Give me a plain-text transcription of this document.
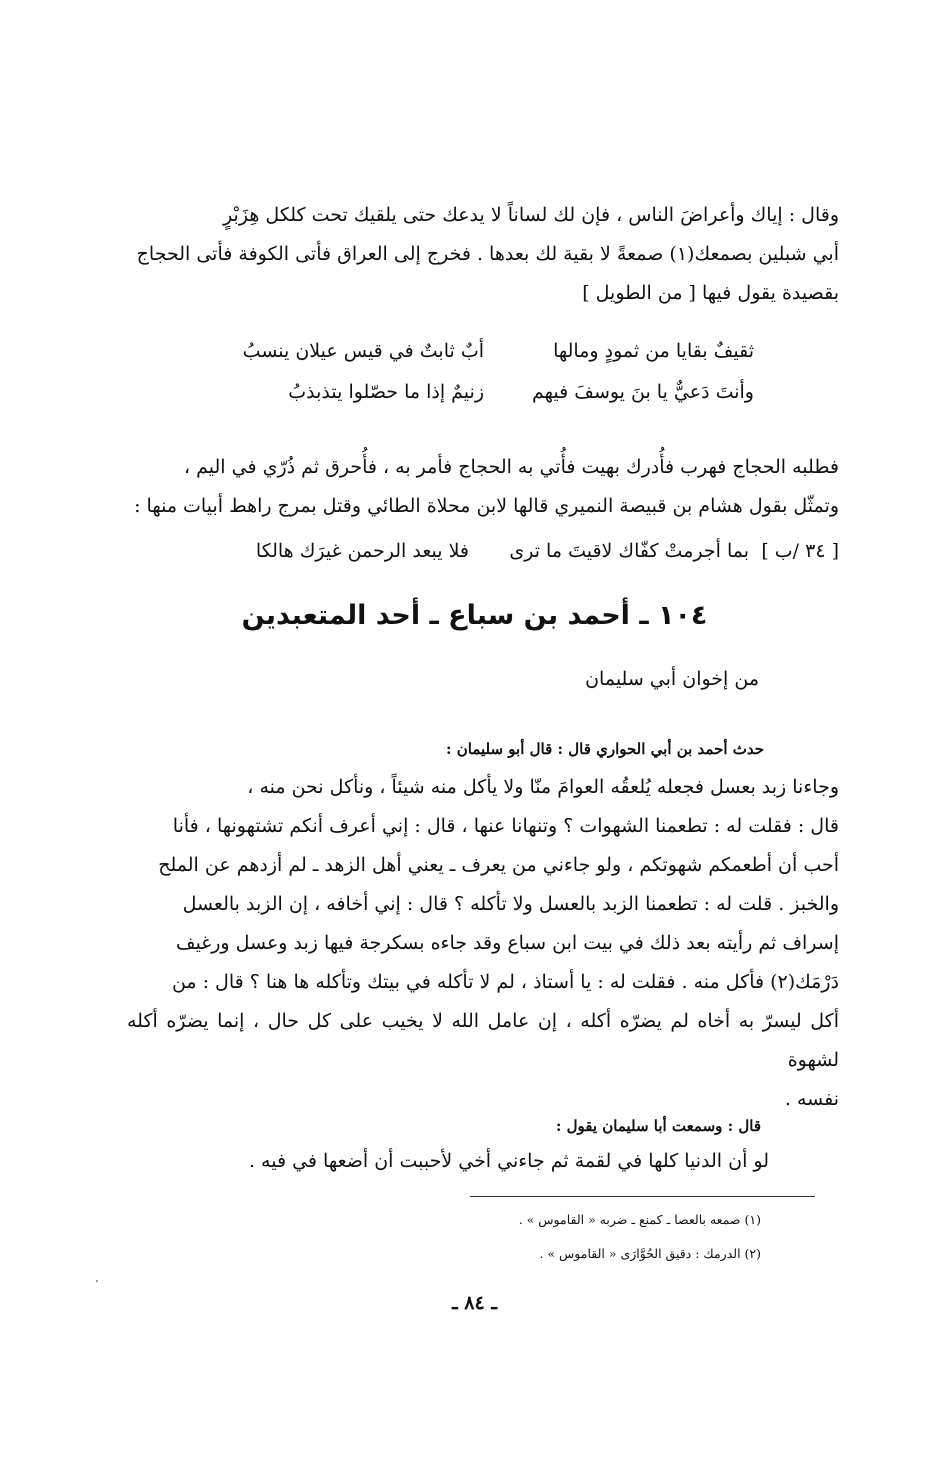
وقال : إياك وأعراضَ الناس ، فإن لك لساناً لا يدعك حتى يلقيك تحت كلكل هِزَبْرٍ

أبي شبلين بصمعك(١) صمعةً لا بقية لك بعدها . فخرج إلى العراق فأتى الكوفة فأتى الحجاج

بقصيدة يقول فيها [ من الطويل ]

ثقيفٌ بقايا من ثمودٍ ومالها
أبٌ ثابتٌ في قيس عيلان ينسبُ
وأنتَ دَعيٌّ يا بنَ يوسفَ فيهم
زنيمٌ إذا ما حصّلوا يتذبذبُ

فطلبه الحجاج فهرب فأُدرك بهيت فأُتي به الحجاج فأمر به ، فأُحرق ثم ذُرّي في اليم ،

وتمثّل بقول هشام بن قبيصة النميري قالها لابن محلاة الطائي وقتل بمرج راهط أبيات منها :

[ ٣٤ /ب ]
بما أجرمتْ كفّاك لاقيتَ ما ترى
فلا يبعد الرحمن غيرَك هالكا
١٠٤ ـ أحمد بن سباع ـ أحد المتعبدين
من إخوان أبي سليمان
حدث أحمد بن أبي الحواري قال : قال أبو سليمان :

وجاءنا زبد بعسل فجعله يُلعقُه العوامَ منّا ولا يأكل منه شيئاً ، ونأكل نحن منه ،

قال : فقلت له : تطعمنا الشهوات ؟ وتنهانا عنها ، قال : إني أعرف أنكم تشتهونها ، فأنا

أحب أن أطعمكم شهوتكم ، ولو جاءني من يعرف ـ يعني أهل الزهد ـ لم أزدهم عن الملح

والخبز . قلت له : تطعمنا الزبد بالعسل ولا تأكله ؟ قال : إني أخافه ، إن الزبد بالعسل

إسراف ثم رأيته بعد ذلك في بيت ابن سباع وقد جاءه بسكرجة فيها زبد وعسل ورغيف

دَرْمَك(٢) فأكل منه . فقلت له : يا أستاذ ، لم لا تأكله في بيتك وتأكله ها هنا ؟ قال : من

أكل ليسرّ به أخاه لم يضرّه أكله ، إن عامل الله لا يخيب على كل حال ، إنما يضرّه أكله لشهوة

نفسه .

قال : وسمعت أبا سليمان يقول :
لو أن الدنيا كلها في لقمة ثم جاءني أخي لأحببت أن أضعها في فيه .
(١) صمعه بالعصا ـ كمنع ـ ضربه « القاموس » .
(٢) الدرمك : دقيق الحُوَّارَى « القاموس » .
ـ ٨٤ ـ
